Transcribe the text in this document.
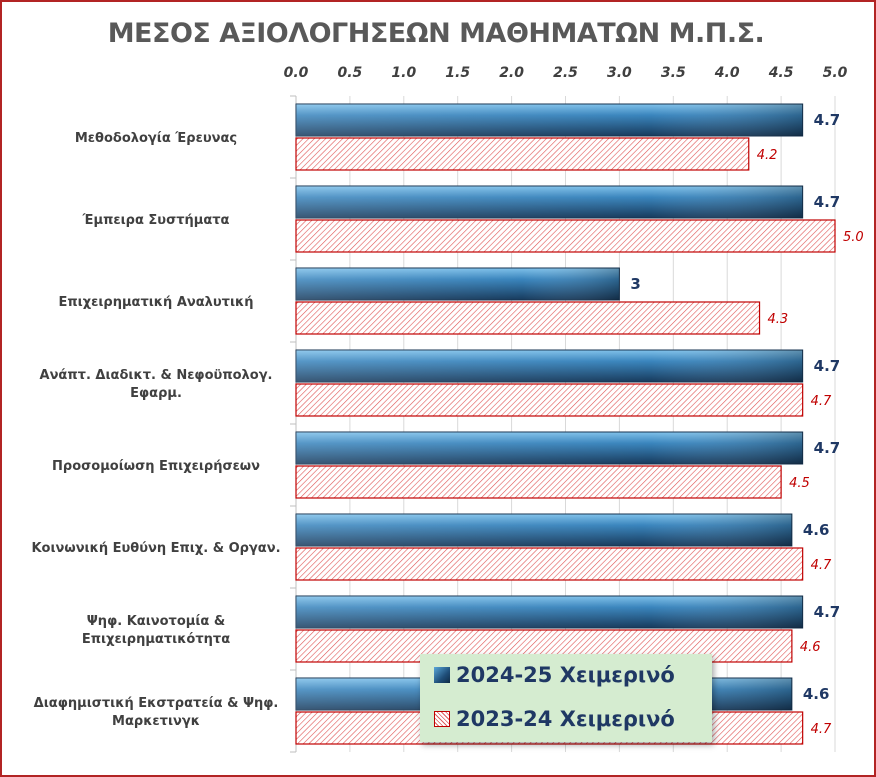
ΜΕΣΟΣ ΑΞΙΟΛΟΓΗΣΕΩΝ ΜΑΘΗΜΑΤΩΝ Μ.Π.Σ.
0.0 0.5 1.0 1.5 2.0 2.5 3.0 3.5 4.0 4.5 5.0
4.7
4.2
Μεθοδολογία Έρευνας
4.7
5.0
Έμπειρα Συστήματα
3
4.3
Επιχειρηματική Αναλυτική
4.7
4.7
Ανάπτ. Διαδικτ. & Νεφοϋπολογ.
Εφαρμ.
4.7
4.5
Προσομοίωση Επιχειρήσεων
4.6
4.7
Κοινωνική Ευθύνη Επιχ. & Οργαν.
4.7
4.6
Ψηφ. Καινοτομία &
Επιχειρηματικότητα
4.6
4.7
Διαφημιστική Εκστρατεία & Ψηφ.
Μαρκετινγκ
2024-25 Χειμερινό
2023-24 Χειμερινό
